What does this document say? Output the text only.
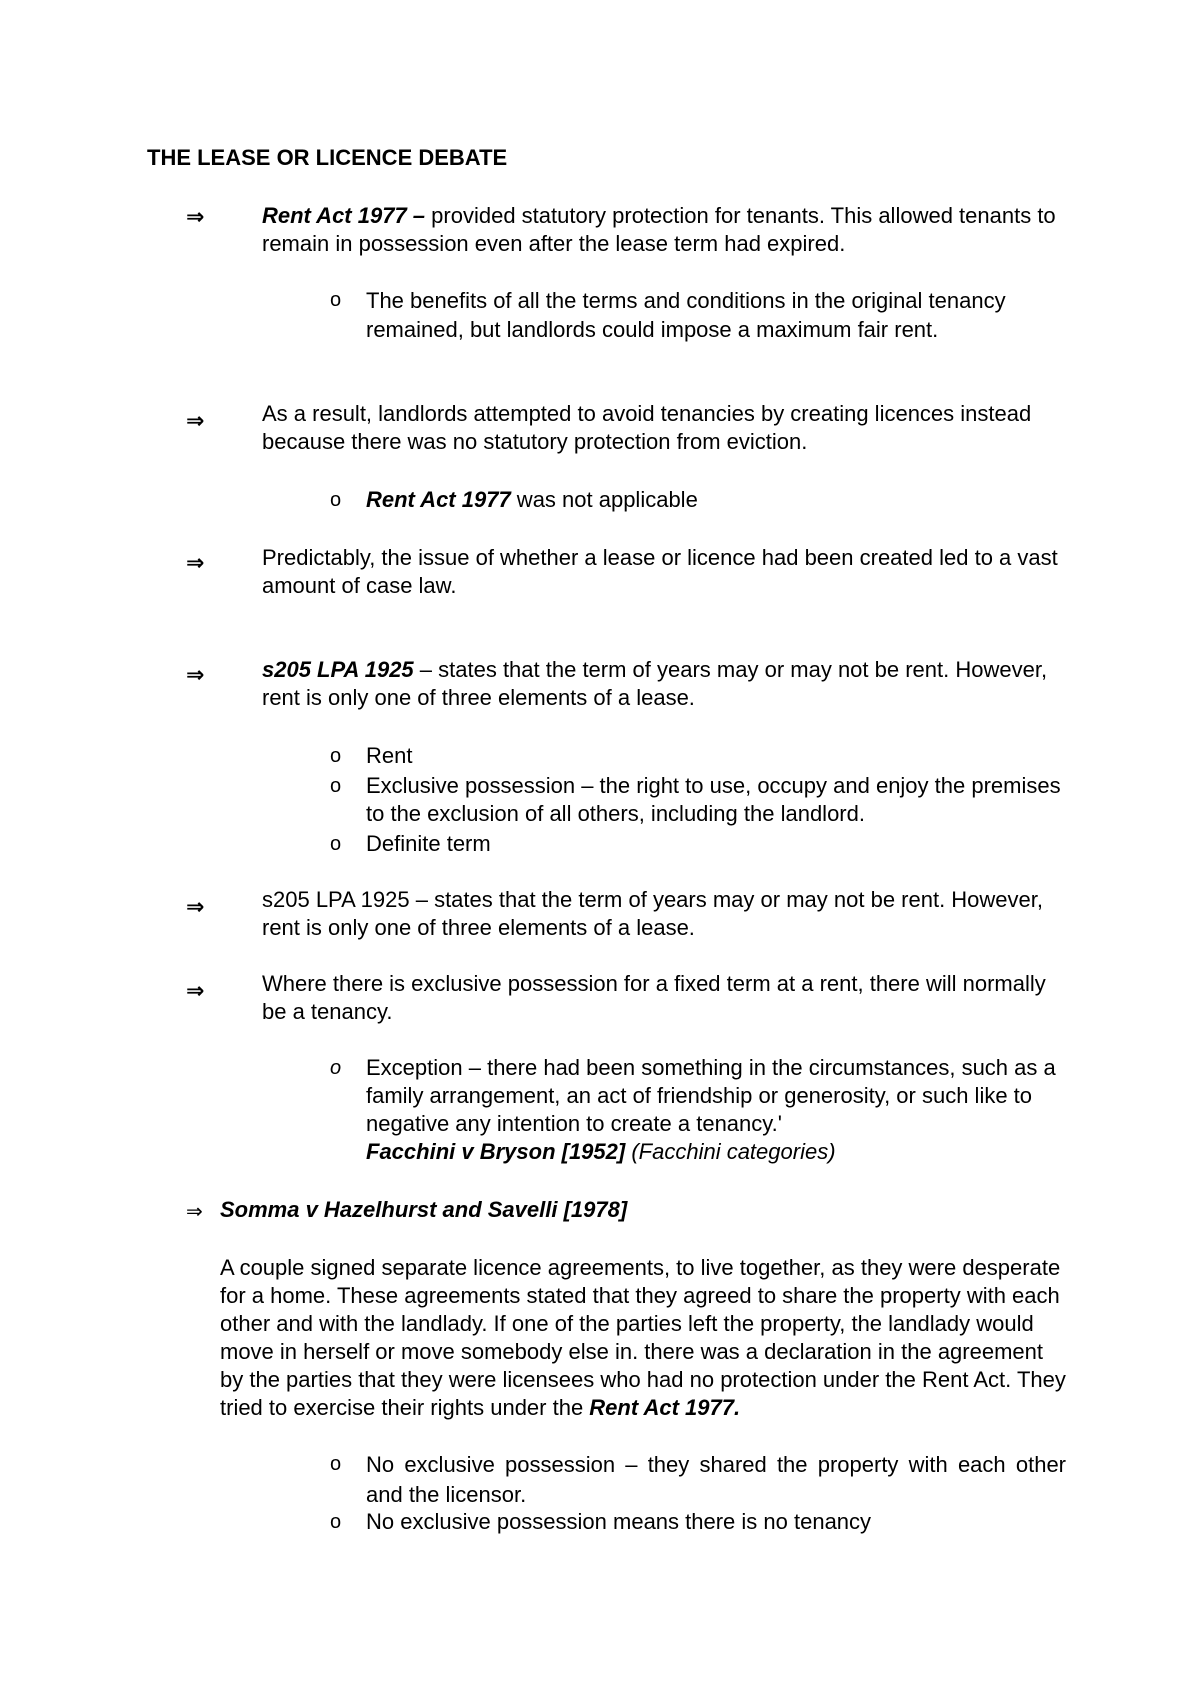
THE LEASE OR LICENCE DEBATE
⇒	Rent Act 1977 – provided statutory protection for tenants. This allowed tenants to remain in possession even after the lease term had expired.

o The benefits of all the terms and conditions in the original tenancy remained, but landlords could impose a maximum fair rent.

⇒	As a result, landlords attempted to avoid tenancies by creating licences instead because there was no statutory protection from eviction.

o Rent Act 1977 was not applicable

⇒	Predictably, the issue of whether a lease or licence had been created led to a vast amount of case law.

⇒	s205 LPA 1925 – states that the term of years may or may not be rent. However, rent is only one of three elements of a lease.

o Rent

o Exclusive possession – the right to use, occupy and enjoy the premises to the exclusion of all others, including the landlord.

o Definite term

⇒	s205 LPA 1925 – states that the term of years may or may not be rent. However, rent is only one of three elements of a lease.

⇒	Where there is exclusive possession for a fixed term at a rent, there will normally be a tenancy.

o Exception – there had been something in the circumstances, such as a family arrangement, an act of friendship or generosity, or such like to negative any intention to create a tenancy.'
Facchini v Bryson [1952] (Facchini categories)

⇒ Somma v Hazelhurst and Savelli [1978]

A couple signed separate licence agreements, to live together, as they were desperate for a home. These agreements stated that they agreed to share the property with each other and with the landlady. If one of the parties left the property, the landlady would move in herself or move somebody else in. there was a declaration in the agreement by the parties that they were licensees who had no protection under the Rent Act. They tried to exercise their rights under the Rent Act 1977.

o No exclusive possession – they shared the property with each other and the licensor.

o No exclusive possession means there is no tenancy
